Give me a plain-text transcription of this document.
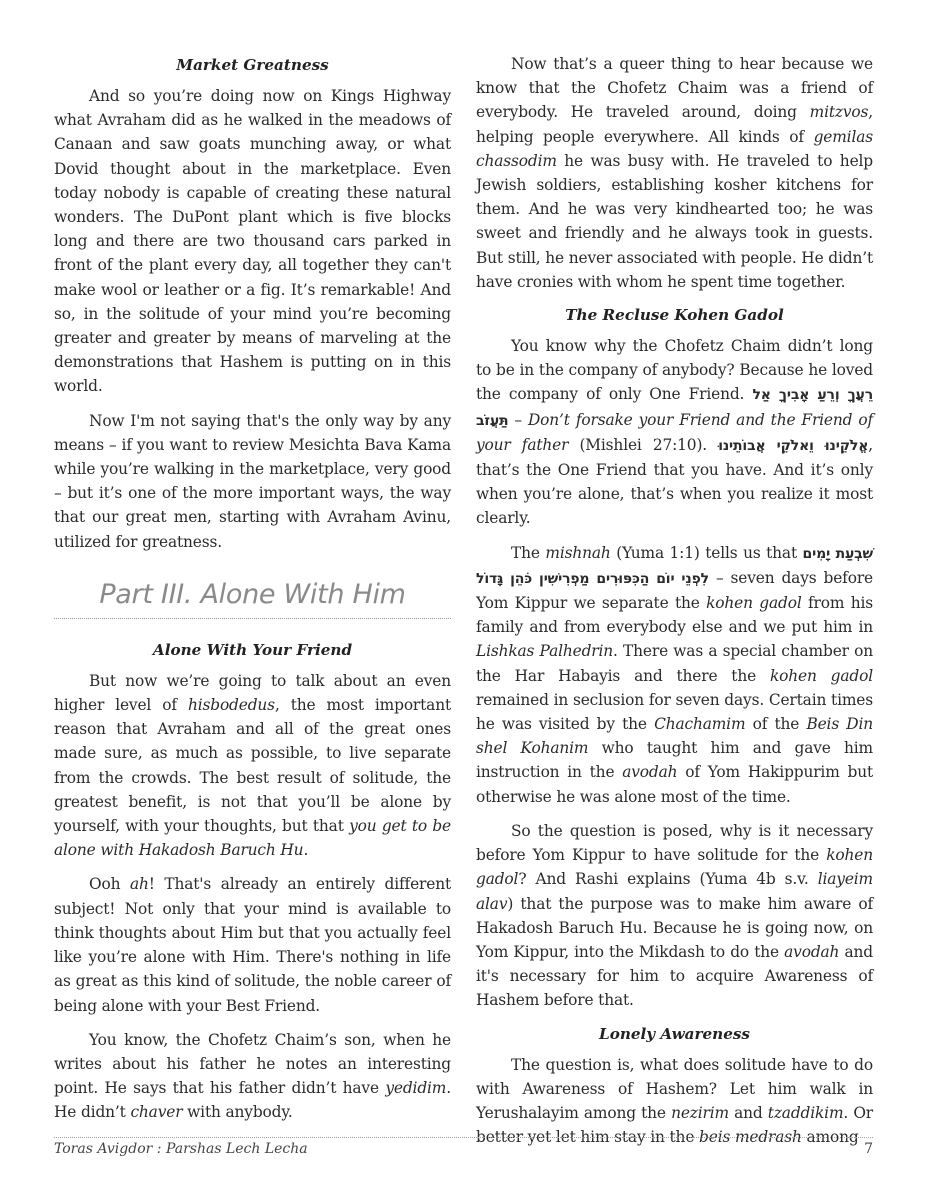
Market Greatness

And so you’re doing now on Kings Highway what Avraham did as he walked in the meadows of Canaan and saw goats munching away, or what Dovid thought about in the marketplace. Even today nobody is capable of creating these natural wonders. The DuPont plant which is five blocks long and there are two thousand cars parked in front of the plant every day, all together they can't make wool or leather or a fig. It’s remarkable! And so, in the solitude of your mind you’re becoming greater and greater by means of marveling at the demonstrations that Hashem is putting on in this world.

Now I'm not saying that's the only way by any means – if you want to review Mesichta Bava Kama while you’re walking in the marketplace, very good – but it’s one of the more important ways, the way that our great men, starting with Avraham Avinu, utilized for greatness.

Part III. Alone With Him
Alone With Your Friend

But now we’re going to talk about an even higher level of hisbodedus, the most important reason that Avraham and all of the great ones made sure, as much as possible, to live separate from the crowds. The best result of solitude, the greatest benefit, is not that you’ll be alone by yourself, with your thoughts, but that you get to be alone with Hakadosh Baruch Hu.

Ooh ah! That's already an entirely different subject! Not only that your mind is available to think thoughts about Him but that you actually feel like you’re alone with Him. There's nothing in life as great as this kind of solitude, the noble career of being alone with your Best Friend.

You know, the Chofetz Chaim’s son, when he writes about his father he notes an interesting point. He says that his father didn’t have yedidim. He didn’t chaver with anybody.

Now that’s a queer thing to hear because we know that the Chofetz Chaim was a friend of everybody. He traveled around, doing mitzvos, helping people everywhere. All kinds of gemilas chassodim he was busy with. He traveled to help Jewish soldiers, establishing kosher kitchens for them. And he was very kindhearted too; he was sweet and friendly and he always took in guests. But still, he never associated with people. He didn’t have cronies with whom he spent time together.

The Recluse Kohen Gadol

You know why the Chofetz Chaim didn’t long to be in the company of anybody? Because he loved the company of only One Friend. רֵעֲךָ וְרֵעַ אָבִיךָ אַל תַּעֲזֹב – Don’t forsake your Friend and the Friend of your father (Mishlei 27:10). אֱלֹקֵינוּ וֵאלֹקֵי אֲבוֹתֵינוּ, that’s the One Friend that you have. And it’s only when you’re alone, that’s when you realize it most clearly.

The mishnah (Yuma 1:1) tells us that שִׁבְעַת יָמִים לִפְנֵי יוֹם הַכִּפּוּרִים מַפְרִישִׁין כֹּהֵן גָּדוֹל – seven days before Yom Kippur we separate the kohen gadol from his family and from everybody else and we put him in Lishkas Palhedrin. There was a special chamber on the Har Habayis and there the kohen gadol remained in seclusion for seven days. Certain times he was visited by the Chachamim of the Beis Din shel Kohanim who taught him and gave him instruction in the avodah of Yom Hakippurim but otherwise he was alone most of the time.

So the question is posed, why is it necessary before Yom Kippur to have solitude for the kohen gadol? And Rashi explains (Yuma 4b s.v. liayeim alav) that the purpose was to make him aware of Hakadosh Baruch Hu. Because he is going now, on Yom Kippur, into the Mikdash to do the avodah and it's necessary for him to acquire Awareness of Hashem before that.

Lonely Awareness

The question is, what does solitude have to do with Awareness of Hashem? Let him walk in Yerushalayim among the nezirim and tzaddikim. Or better yet let him stay in the beis medrash among

Toras Avigdor : Parshas Lech Lecha	7
